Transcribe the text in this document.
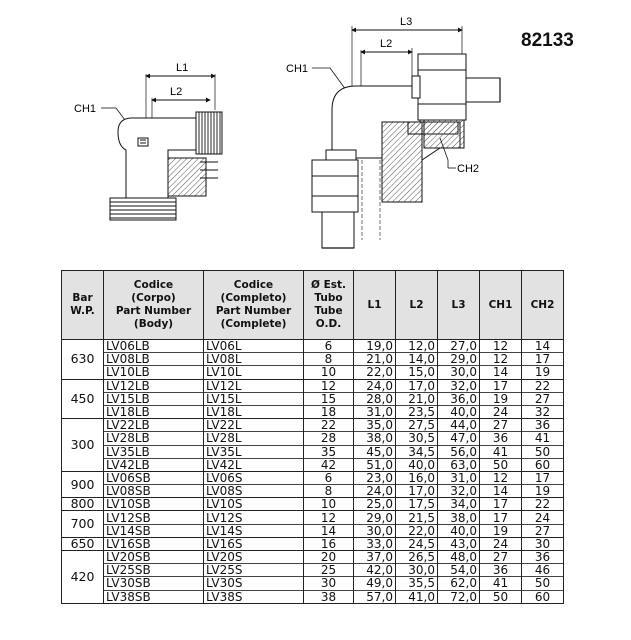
L1
L2
CH1
L3
L2
CH1
CH2
82133
Bar
W.P.	Codice
(Corpo)
Part Number
(Body)	Codice
(Completo)
Part Number
(Complete)	Ø Est.
Tubo
Tube
O.D.	L1	L2	L3	CH1	CH2
630	LV06LB	LV06L	6	19,0	12,0	27,0	12	14
	LV08LB	LV08L	8	21,0	14,0	29,0	12	17
	LV10LB	LV10L	10	22,0	15,0	30,0	14	19
450	LV12LB	LV12L	12	24,0	17,0	32,0	17	22
	LV15LB	LV15L	15	28,0	21,0	36,0	19	27
	LV18LB	LV18L	18	31,0	23,5	40,0	24	32
300	LV22LB	LV22L	22	35,0	27,5	44,0	27	36
	LV28LB	LV28L	28	38,0	30,5	47,0	36	41
	LV35LB	LV35L	35	45,0	34,5	56,0	41	50
	LV42LB	LV42L	42	51,0	40,0	63,0	50	60
900	LV06SB	LV06S	6	23,0	16,0	31,0	12	17
	LV08SB	LV08S	8	24,0	17,0	32,0	14	19
800	LV10SB	LV10S	10	25,0	17,5	34,0	17	22
700	LV12SB	LV12S	12	29,0	21,5	38,0	17	24
	LV14SB	LV14S	14	30,0	22,0	40,0	19	27
650	LV16SB	LV16S	16	33,0	24,5	43,0	24	30
420	LV20SB	LV20S	20	37,0	26,5	48,0	27	36
	LV25SB	LV25S	25	42,0	30,0	54,0	36	46
	LV30SB	LV30S	30	49,0	35,5	62,0	41	50
	LV38SB	LV38S	38	57,0	41,0	72,0	50	60
